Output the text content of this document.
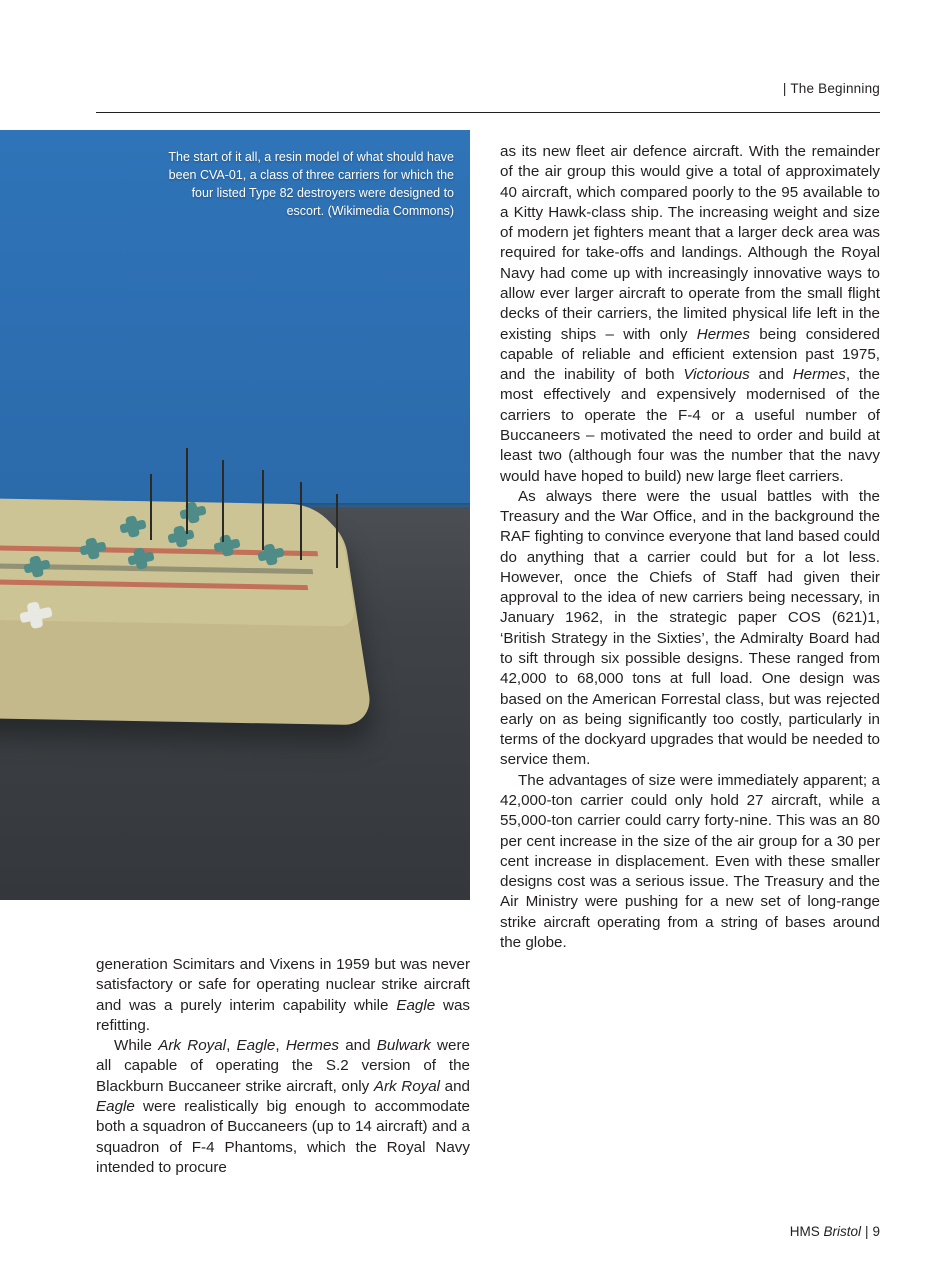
| The Beginning
The start of it all, a resin model of what should have been CVA-01, a class of three carriers for which the four listed Type 82 destroyers were designed to escort. (Wikimedia Commons)

as its new fleet air defence aircraft. With the remainder of the air group this would give a total of approximately 40 aircraft, which compared poorly to the 95 available to a Kitty Hawk-class ship. The increasing weight and size of modern jet fighters meant that a larger deck area was required for take-offs and landings. Although the Royal Navy had come up with increasingly innovative ways to allow ever larger aircraft to operate from the small flight decks of their carriers, the limited physical life left in the existing ships – with only Hermes being considered capable of reliable and efficient extension past 1975, and the inability of both Victorious and Hermes, the most effectively and expensively modernised of the carriers to operate the F-4 or a useful number of Buccaneers – motivated the need to order and build at least two (although four was the number that the navy would have hoped to build) new large fleet carriers.

As always there were the usual battles with the Treasury and the War Office, and in the background the RAF fighting to convince everyone that land based could do anything that a carrier could but for a lot less. However, once the Chiefs of Staff had given their approval to the idea of new carriers being necessary, in January 1962, in the strategic paper COS (621)1, ‘British Strategy in the Sixties’, the Admiralty Board had to sift through six possible designs. These ranged from 42,000 to 68,000 tons at full load. One design was based on the American Forrestal class, but was rejected early on as being significantly too costly, particularly in terms of the dockyard upgrades that would be needed to service them.

The advantages of size were immediately apparent; a 42,000-ton carrier could only hold 27 aircraft, while a 55,000-ton carrier could carry forty-nine. This was an 80 per cent increase in the size of the air group for a 30 per cent increase in displacement. Even with these smaller designs cost was a serious issue. The Treasury and the Air Ministry were pushing for a new set of long-range strike aircraft operating from a string of bases around the globe.

generation Scimitars and Vixens in 1959 but was never satisfactory or safe for operating nuclear strike aircraft and was a purely interim capability while Eagle was refitting.

While Ark Royal, Eagle, Hermes and Bulwark were all capable of operating the S.2 version of the Blackburn Buccaneer strike aircraft, only Ark Royal and Eagle were realistically big enough to accommodate both a squadron of Buccaneers (up to 14 aircraft) and a squadron of F-4 Phantoms, which the Royal Navy intended to procure

HMS Bristol | 9
